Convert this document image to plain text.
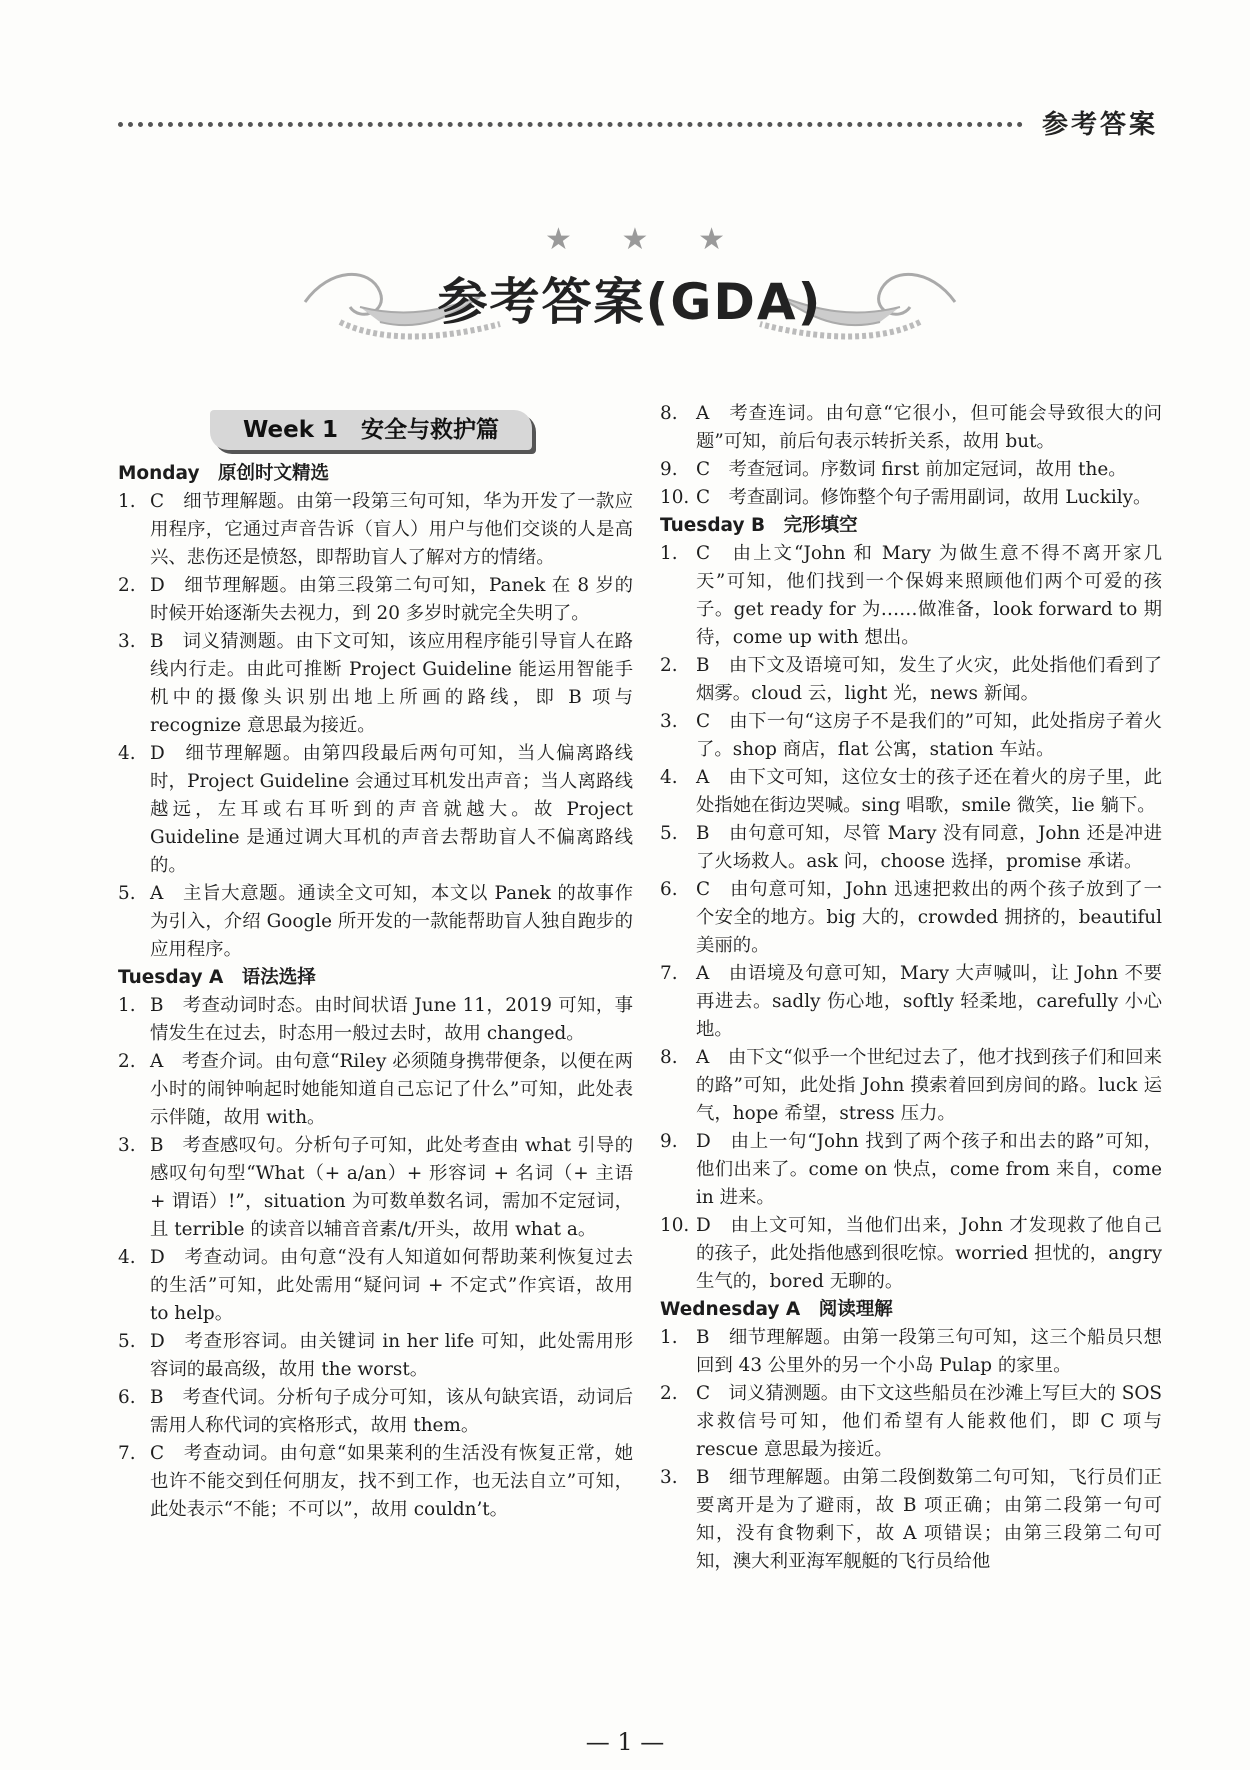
参考答案
★ ★ ★
参考答案(GDA)
Week 1　安全与救护篇
Monday　原创时文精选
1. C　细节理解题。由第一段第三句可知，华为开发了一款应用程序，它通过声音告诉（盲人）用户与他们交谈的人是高兴、悲伤还是愤怒，即帮助盲人了解对方的情绪。
2. D　细节理解题。由第三段第二句可知，Panek 在 8 岁的时候开始逐渐失去视力，到 20 多岁时就完全失明了。
3. B　词义猜测题。由下文可知，该应用程序能引导盲人在路线内行走。由此可推断 Project Guideline 能运用智能手机中的摄像头识别出地上所画的路线，即 B 项与 recognize 意思最为接近。
4. D　细节理解题。由第四段最后两句可知，当人偏离路线时，Project Guideline 会通过耳机发出声音；当人离路线越远，左耳或右耳听到的声音就越大。故 Project Guideline 是通过调大耳机的声音去帮助盲人不偏离路线的。
5. A　主旨大意题。通读全文可知，本文以 Panek 的故事作为引入，介绍 Google 所开发的一款能帮助盲人独自跑步的应用程序。
Tuesday A　语法选择
1. B　考查动词时态。由时间状语 June 11，2019 可知，事情发生在过去，时态用一般过去时，故用 changed。
2. A　考查介词。由句意“Riley 必须随身携带便条，以便在两小时的闹钟响起时她能知道自己忘记了什么”可知，此处表示伴随，故用 with。
3. B　考查感叹句。分析句子可知，此处考查由 what 引导的感叹句句型“What（+ a/an）+ 形容词 + 名词（+ 主语 + 谓语）!”，situation 为可数单数名词，需加不定冠词，且 terrible 的读音以辅音音素/t/开头，故用 what a。
4. D　考查动词。由句意“没有人知道如何帮助莱利恢复过去的生活”可知，此处需用“疑问词 + 不定式”作宾语，故用 to help。
5. D　考查形容词。由关键词 in her life 可知，此处需用形容词的最高级，故用 the worst。
6. B　考查代词。分析句子成分可知，该从句缺宾语，动词后需用人称代词的宾格形式，故用 them。
7. C　考查动词。由句意“如果莱利的生活没有恢复正常，她也许不能交到任何朋友，找不到工作，也无法自立”可知，此处表示“不能；不可以”，故用 couldn’t。
8.	A　考查连词。由句意“它很小，但可能会导致很大的问题”可知，前后句表示转折关系，故用 but。
9.	C　考查冠词。序数词 first 前加定冠词，故用 the。
10. C　考查副词。修饰整个句子需用副词，故用 Luckily。
Tuesday B　完形填空
1.	C　由上文“John 和 Mary 为做生意不得不离开家几天”可知，他们找到一个保姆来照顾他们两个可爱的孩子。get ready for 为……做准备，look forward to 期待，come up with 想出。
2.	B　由下文及语境可知，发生了火灾，此处指他们看到了烟雾。cloud 云，light 光，news 新闻。
3.	C　由下一句“这房子不是我们的”可知，此处指房子着火了。shop 商店，flat 公寓，station 车站。
4.	A　由下文可知，这位女士的孩子还在着火的房子里，此处指她在街边哭喊。sing 唱歌，smile 微笑，lie 躺下。
5.	B　由句意可知，尽管 Mary 没有同意，John 还是冲进了火场救人。ask 问，choose 选择，promise 承诺。
6.	C　由句意可知，John 迅速把救出的两个孩子放到了一个安全的地方。big 大的，crowded 拥挤的，beautiful 美丽的。
7.	A　由语境及句意可知，Mary 大声喊叫，让 John 不要再进去。sadly 伤心地，softly 轻柔地，carefully 小心地。
8.	A　由下文“似乎一个世纪过去了，他才找到孩子们和回来的路”可知，此处指 John 摸索着回到房间的路。luck 运气，hope 希望，stress 压力。
9.	D　由上一句“John 找到了两个孩子和出去的路”可知，他们出来了。come on 快点，come from 来自，come in 进来。
10. D　由上文可知，当他们出来，John 才发现救了他自己的孩子，此处指他感到很吃惊。worried 担忧的，angry 生气的，bored 无聊的。
Wednesday A　阅读理解
1.	B　细节理解题。由第一段第三句可知，这三个船员只想回到 43 公里外的另一个小岛 Pulap 的家里。
2.	C　词义猜测题。由下文这些船员在沙滩上写巨大的 SOS 求救信号可知，他们希望有人能救他们，即 C 项与 rescue 意思最为接近。
3.	B　细节理解题。由第二段倒数第二句可知，飞行员们正要离开是为了避雨，故 B 项正确；由第二段第一句可知，没有食物剩下，故 A 项错误；由第三段第二句可知，澳大利亚海军舰艇的飞行员给他
— 1 —
